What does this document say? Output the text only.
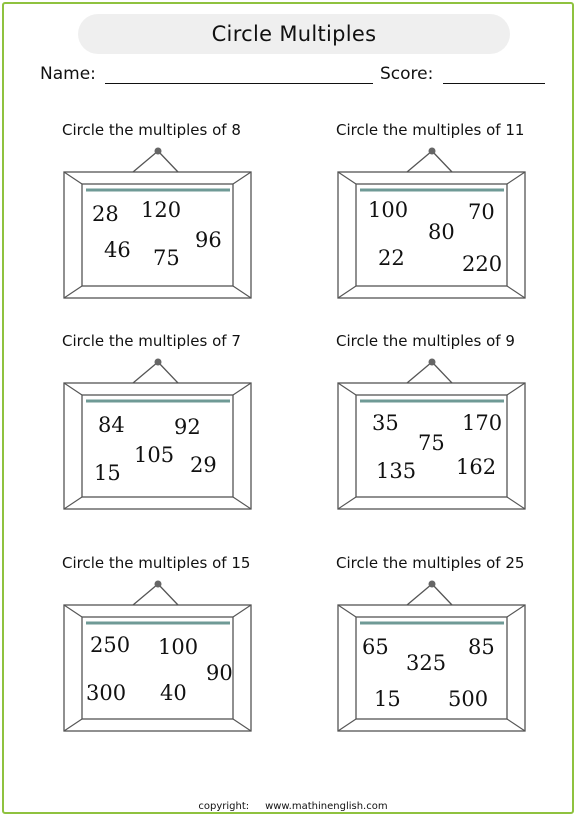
Circle Multiples
Name:	Score:
Circle the multiples of 8
28 120
46 75
96
Circle the multiples of 11
100	70
80
22	220
Circle the multiples of 7
84 92
105
15	29
Circle the multiples of 9
35	170
75
135 162
Circle the multiples of 15
250 100
90
300 40
Circle the multiples of 25
65	85
325
15 500
copyright: www.mathinenglish.com
